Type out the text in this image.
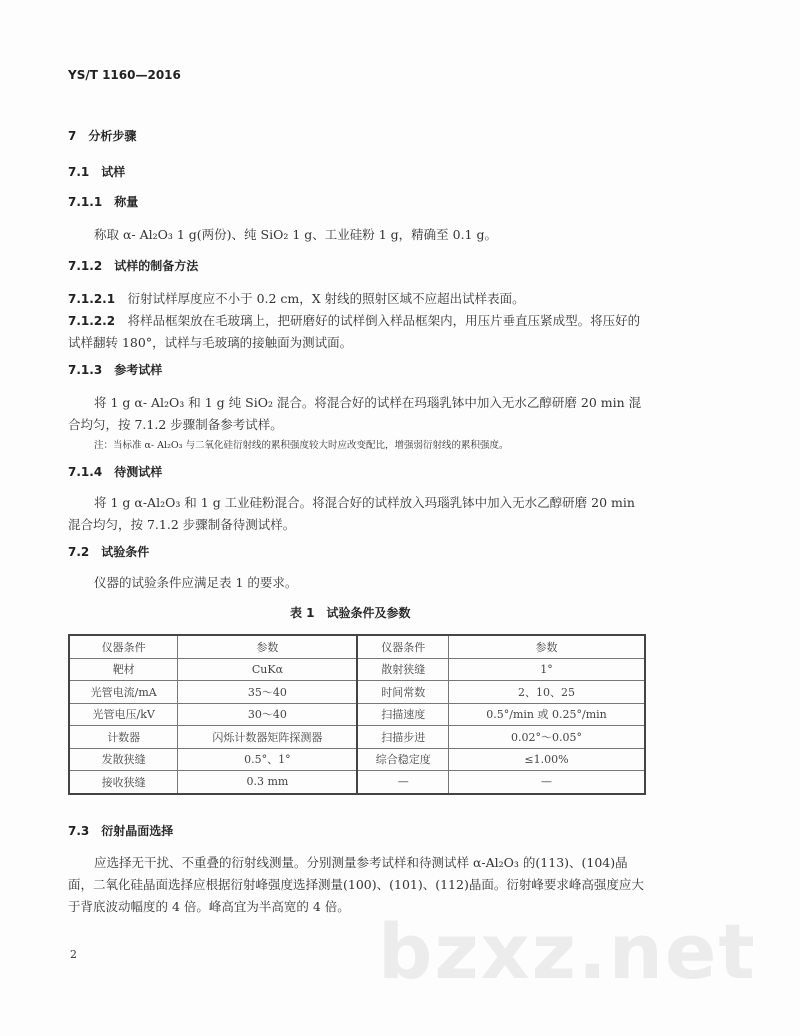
YS/T 1160—2016
7　 分析步骤
7.1　 试样
7.1.1　 称量
称取 α- Al₂O₃ 1 g(两份)、纯 SiO₂ 1 g、工业硅粉 1 g，精确至 0.1 g。
7.1.2　 试样的制备方法
7.1.2.1　 衍射试样厚度应不小于 0.2 cm，X 射线的照射区域不应超出试样表面。
7.1.2.2　 将样品框架放在毛玻璃上，把研磨好的试样倒入样品框架内，用压片垂直压紧成型。将压好的
试样翻转 180°，试样与毛玻璃的接触面为测试面。
7.1.3　 参考试样
将 1 g α- Al₂O₃ 和 1 g 纯 SiO₂ 混合。将混合好的试样在玛瑙乳钵中加入无水乙醇研磨 20 min 混
合均匀，按 7.1.2 步骤制备参考试样。
注：当标准 α- Al₂O₃ 与二氧化硅衍射线的累积强度较大时应改变配比，增强弱衍射线的累积强度。
7.1.4　 待测试样
将 1 g α-Al₂O₃ 和 1 g 工业硅粉混合。将混合好的试样放入玛瑙乳钵中加入无水乙醇研磨 20 min
混合均匀，按 7.1.2 步骤制备待测试样。
7.2　 试验条件
仪器的试验条件应满足表 1 的要求。
表 1　试验条件及参数
仪器条件	参数	仪器条件	参数
靶材	CuKα	散射狭缝	1°
光管电流/mA	35～40	时间常数	2、10、25
光管电压/kV	30～40	扫描速度	0.5°/min 或 0.25°/min
计数器	闪烁计数器矩阵探测器	扫描步进	0.02°～0.05°
发散狭缝	0.5°、1°	综合稳定度	≤1.00%
接收狭缝	0.3 mm	—	—
7.3　 衍射晶面选择
应选择无干扰、不重叠的衍射线测量。分别测量参考试样和待测试样 α-Al₂O₃ 的(113)、(104)晶
面，二氧化硅晶面选择应根据衍射峰强度选择测量(100)、(101)、(112)晶面。衍射峰要求峰高强度应大
于背底波动幅度的 4 倍。峰高宜为半高宽的 4 倍。
bzxz.net
2
